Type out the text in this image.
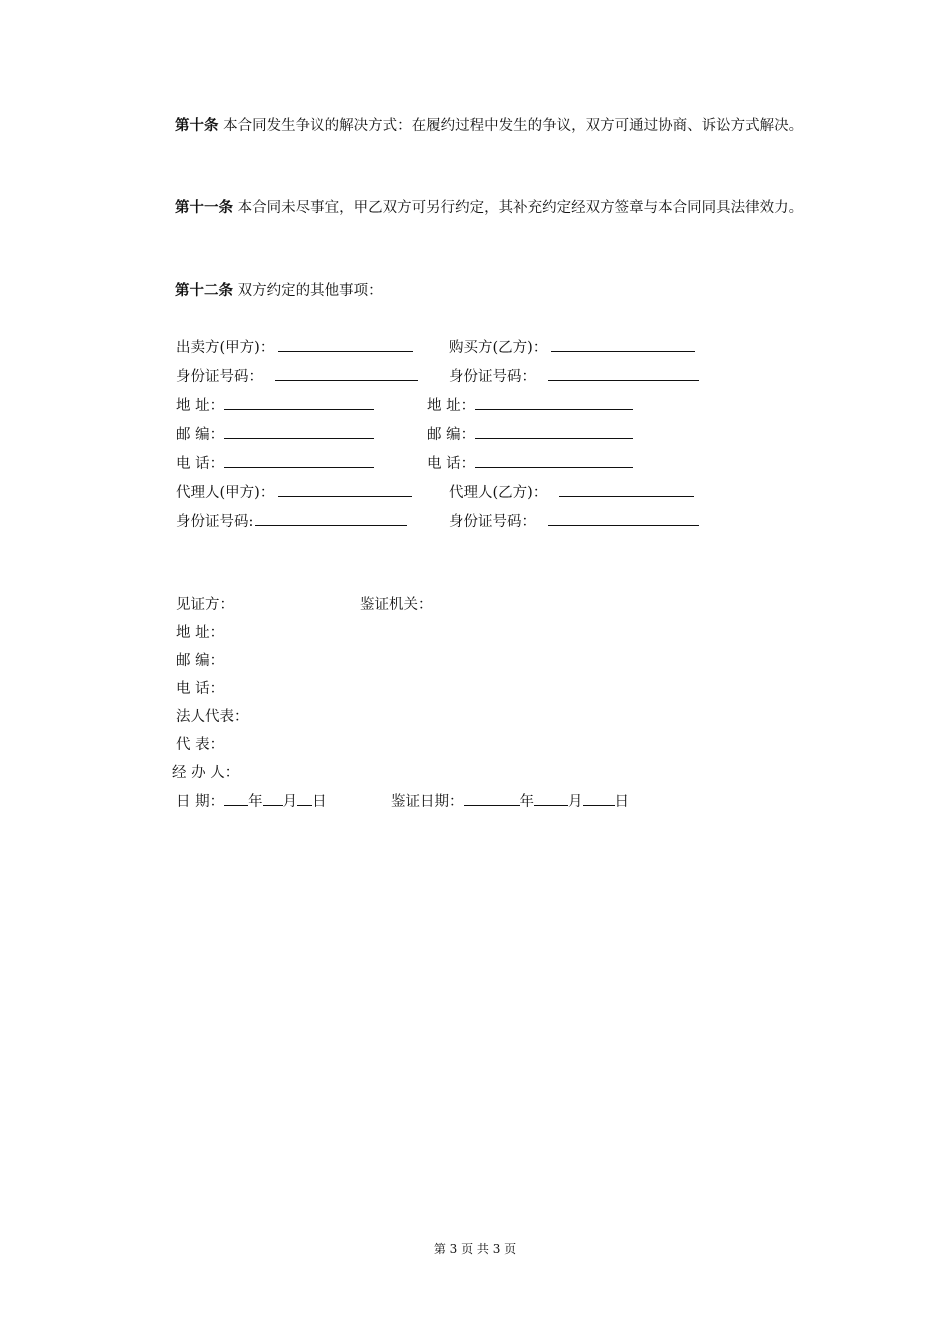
第十条 本合同发生争议的解决方式：在履约过程中发生的争议，双方可通过协商、诉讼方式解决。

第十一条 本合同未尽事宜，甲乙双方可另行约定，其补充约定经双方签章与本合同同具法律效力。

第十二条 双方约定的其他事项：

出卖方(甲方)：	购买方(乙方)：
身份证号码：	身份证号码：
地 址：	地 址：
邮 编：	邮 编：
电 话：	电 话：
代理人(甲方)：	代理人(乙方)：
身份证号码:	身份证号码：
见证方：	鉴证机关：
地 址：
邮 编：
电 话：
法人代表：
代 表：
经 办 人：
日 期： 年 月 日	鉴证日期：	年 月 日
第 3 页 共 3 页
